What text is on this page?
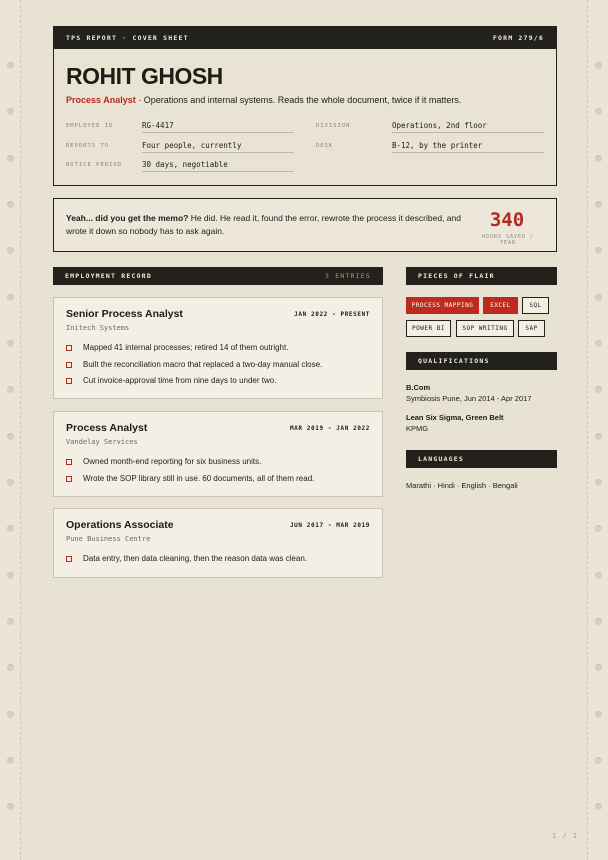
TPS REPORT · COVER SHEET	FORM 279/6
ROHIT GHOSH
Process Analyst · Operations and internal systems. Reads the whole document, twice if it matters.
EMPLOYEE ID	RG-4417
REPORTS TO	Four people, currently
NOTICE PERIOD	30 days, negotiable
DIVISION	Operations, 2nd floor
DESK	B-12, by the printer
Yeah... did you get the memo? He did. He read it, found the error, rewrote the process it described, and wrote it down so nobody has to ask again.	340
HOURS SAVED / YEAR
EMPLOYMENT RECORD	3 ENTRIES
Senior Process Analyst	JAN 2022 - PRESENT
Initech Systems
Mapped 41 internal processes; retired 14 of them outright.
Built the reconciliation macro that replaced a two-day manual close.
Cut invoice-approval time from nine days to under two.
Process Analyst	MAR 2019 - JAN 2022
Vandelay Services
Owned month-end reporting for six business units.
Wrote the SOP library still in use. 60 documents, all of them read.
Operations Associate	JUN 2017 - MAR 2019
Pune Business Centre
Data entry, then data cleaning, then the reason data was clean.
PIECES OF FLAIR
PROCESS MAPPING	EXCEL	SQL
POWER BI	SOP WRITING	SAP
QUALIFICATIONS
B.Com
Symbiosis Pune, Jun 2014 - Apr 2017
Lean Six Sigma, Green Belt
KPMG
LANGUAGES
Marathi · Hindi · English · Bengali
1 / 1
